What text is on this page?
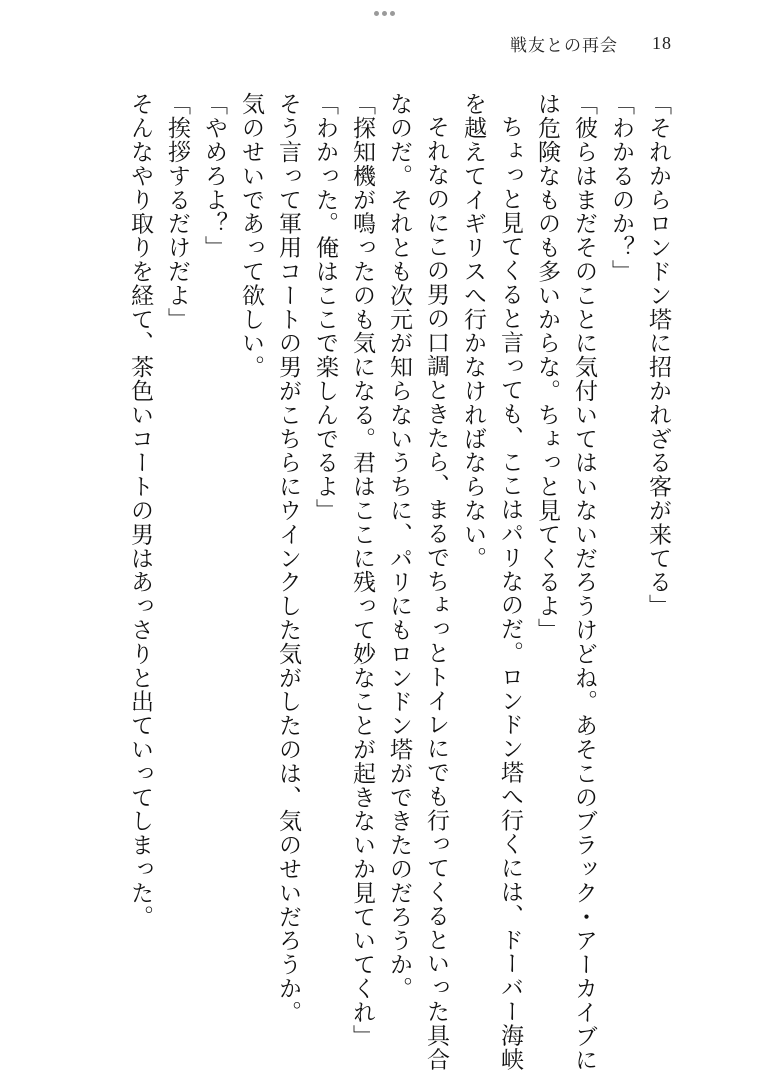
戦友との再会 18

「それからロンドン塔に招かれざる客が来てる」

「わかるのか？」

「彼らはまだそのことに気付いてはいないだろうけどね。あそこのブラック・アーカイブに

は危険なものも多いからな。ちょっと見てくるよ」

ちょっと見てくると言っても、ここはパリなのだ。ロンドン塔へ行くには、ドーバー海峡

を越えてイギリスへ行かなければならない。

それなのにこの男の口調ときたら、まるでちょっとトイレにでも行ってくるといった具合

なのだ。それとも次元が知らないうちに、パリにもロンドン塔ができたのだろうか。

「探知機が鳴ったのも気になる。君はここに残って妙なことが起きないか見ていてくれ」

「わかった。俺はここで楽しんでるよ」

そう言って軍用コートの男がこちらにウインクした気がしたのは、気のせいだろうか。

気のせいであって欲しい。

「やめろよ？」

「挨拶するだけだよ」

そんなやり取りを経て、茶色いコートの男はあっさりと出ていってしまった。
